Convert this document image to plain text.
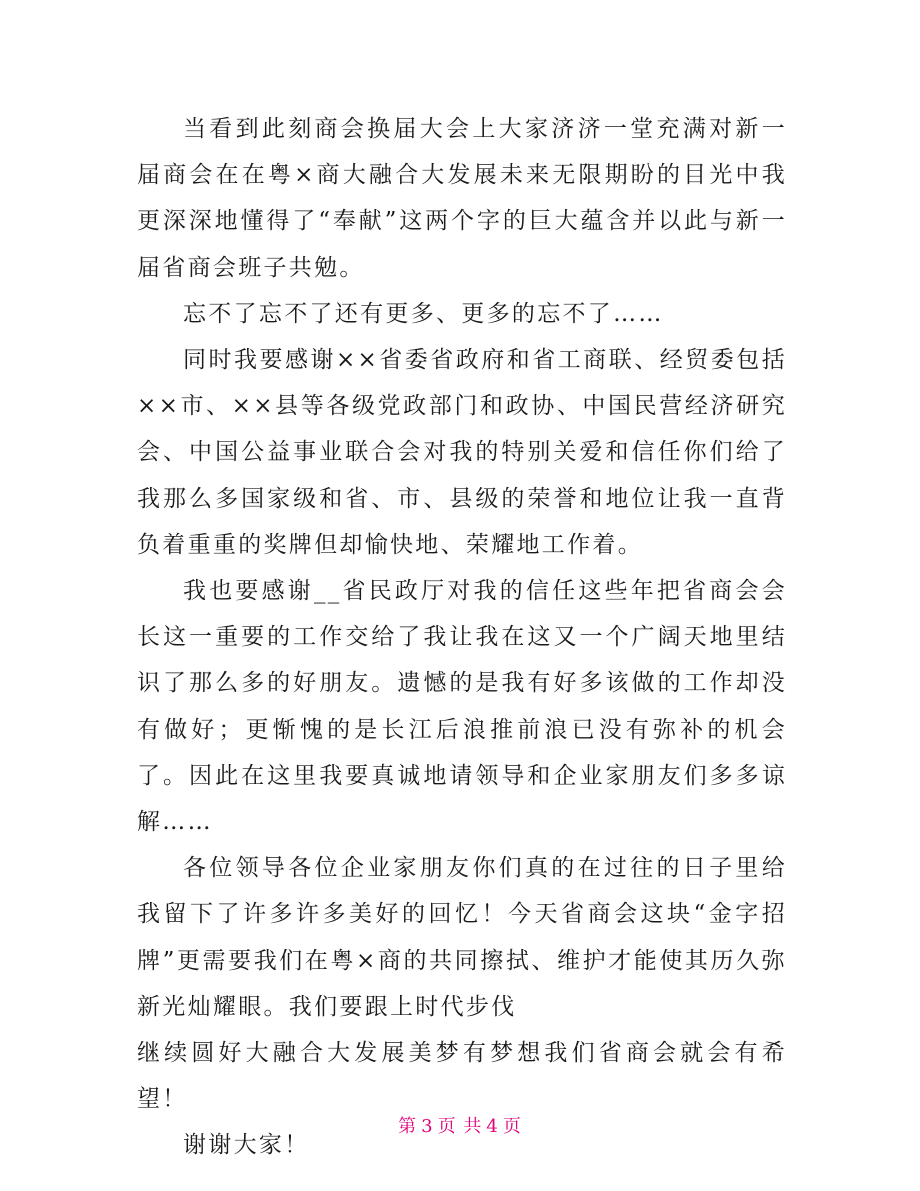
当看到此刻商会换届大会上大家济济一堂充满对新一届商会在在粤×商大融合大发展未来无限期盼的目光中我更深深地懂得了“奉献”这两个字的巨大蕴含并以此与新一届省商会班子共勉。

忘不了忘不了还有更多、更多的忘不了……

同时我要感谢××省委省政府和省工商联、经贸委包括××市、××县等各级党政部门和政协、中国民营经济研究会、中国公益事业联合会对我的特别关爱和信任你们给了我那么多国家级和省、市、县级的荣誉和地位让我一直背负着重重的奖牌但却愉快地、荣耀地工作着。

我也要感谢__省民政厅对我的信任这些年把省商会会长这一重要的工作交给了我让我在这又一个广阔天地里结识了那么多的好朋友。遗憾的是我有好多该做的工作却没有做好；更惭愧的是长江后浪推前浪已没有弥补的机会了。因此在这里我要真诚地请领导和企业家朋友们多多谅解……

各位领导各位企业家朋友你们真的在过往的日子里给我留下了许多许多美好的回忆！今天省商会这块“金字招牌”更需要我们在粤×商的共同擦拭、维护才能使其历久弥新光灿耀眼。我们要跟上时代步伐

继续圆好大融合大发展美梦有梦想我们省商会就会有希望！

谢谢大家！

第 3 页 共 4 页
